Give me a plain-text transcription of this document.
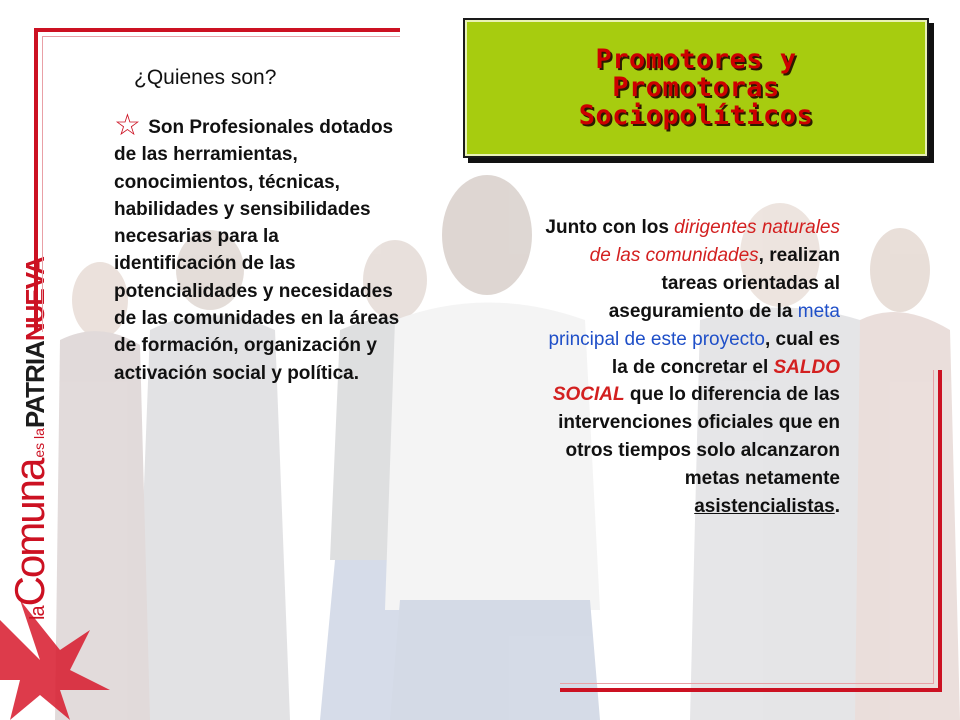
laComunaes laPATRIANUEVA
Promotores y
Promotoras
Sociopolíticos
¿Quienes son?
☆ Son Profesionales dotados de las herramientas, conocimientos, técnicas, habilidades y sensibilidades necesarias para la identificación de las potencialidades y necesidades de las comunidades en la áreas de formación, organización y activación social y política.
Junto con los dirigentes naturales de las comunidades, realizan tareas orientadas al aseguramiento de la meta principal de este proyecto, cual es la de concretar el SALDO SOCIAL que lo diferencia de las intervenciones oficiales que en otros tiempos solo alcanzaron metas netamente asistencialistas.
